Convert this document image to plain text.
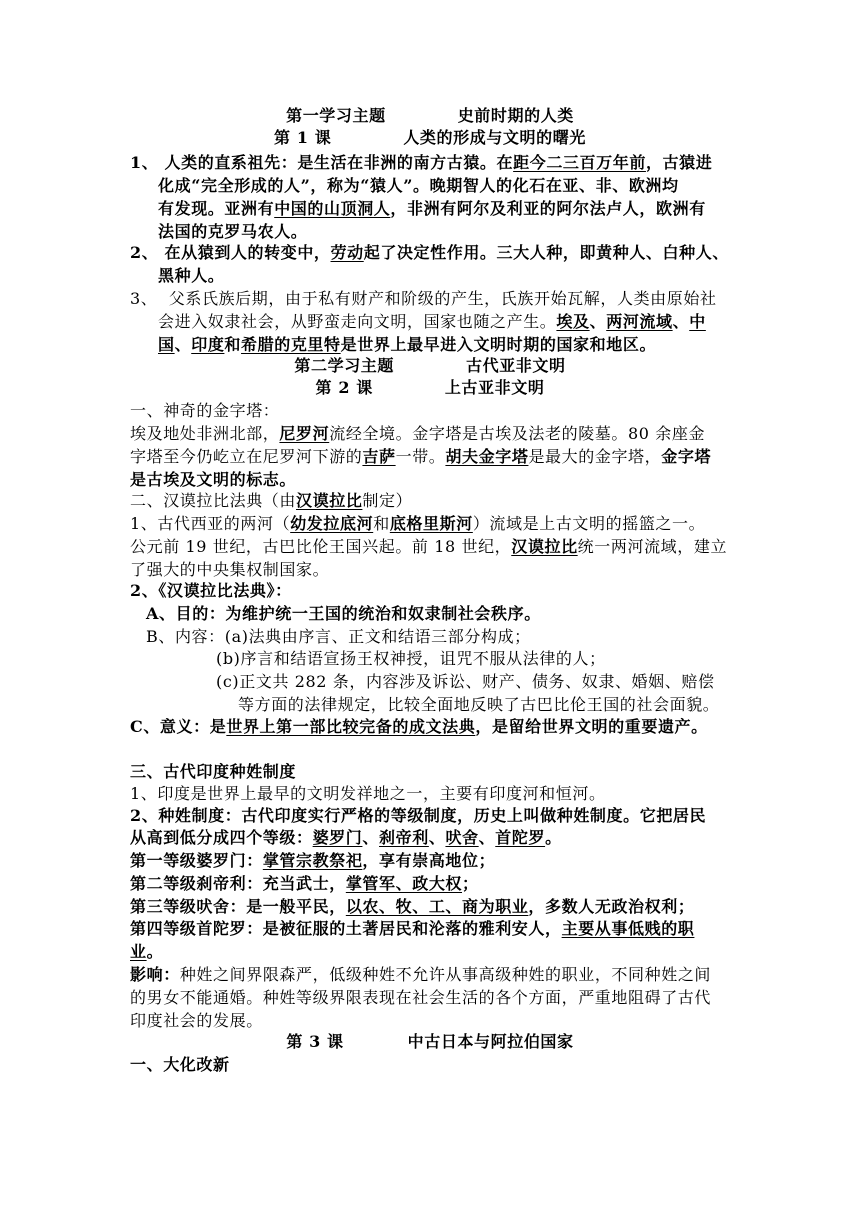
第一学习主题	史前时期的人类
第 1 课	人类的形成与文明的曙光
1、 人类的直系祖先：是生活在非洲的南方古猿。在距今二三百万年前，古猿进
化成“完全形成的人”，称为“猿人”。晚期智人的化石在亚、非、欧洲均
有发现。亚洲有中国的山顶洞人，非洲有阿尔及利亚的阿尔法卢人，欧洲有
法国的克罗马农人。
2、 在从猿到人的转变中，劳动起了决定性作用。三大人种，即黄种人、白种人、
黑种人。
3、 父系氏族后期，由于私有财产和阶级的产生，氏族开始瓦解，人类由原始社
会进入奴隶社会，从野蛮走向文明，国家也随之产生。埃及、两河流域、中
国、印度和希腊的克里特是世界上最早进入文明时期的国家和地区。
第二学习主题	古代亚非文明
第 2 课	上古亚非文明
一、神奇的金字塔：
埃及地处非洲北部，尼罗河流经全境。金字塔是古埃及法老的陵墓。80 余座金
字塔至今仍屹立在尼罗河下游的吉萨一带。胡夫金字塔是最大的金字塔，金字塔
是古埃及文明的标志。
二、汉谟拉比法典（由汉谟拉比制定）
1、古代西亚的两河（幼发拉底河和底格里斯河）流域是上古文明的摇篮之一。
公元前 19 世纪，古巴比伦王国兴起。前 18 世纪，汉谟拉比统一两河流域，建立
了强大的中央集权制国家。
2、《汉谟拉比法典》：
A、目的：为维护统一王国的统治和奴隶制社会秩序。
B、内容：(a)法典由序言、正文和结语三部分构成；
(b)序言和结语宣扬王权神授，诅咒不服从法律的人；
(c)正文共 282 条，内容涉及诉讼、财产、债务、奴隶、婚姻、赔偿
等方面的法律规定，比较全面地反映了古巴比伦王国的社会面貌。
C、意义：是世界上第一部比较完备的成文法典，是留给世界文明的重要遗产。
三、古代印度种姓制度
1、印度是世界上最早的文明发祥地之一，主要有印度河和恒河。
2、种姓制度：古代印度实行严格的等级制度，历史上叫做种姓制度。它把居民
从高到低分成四个等级：婆罗门、刹帝利、吠舍、首陀罗。
第一等级婆罗门：掌管宗教祭祀，享有崇高地位；
第二等级刹帝利：充当武士，掌管军、政大权；
第三等级吠舍：是一般平民，以农、牧、工、商为职业，多数人无政治权利；
第四等级首陀罗：是被征服的土著居民和沦落的雅利安人，主要从事低贱的职
业。
影响：种姓之间界限森严，低级种姓不允许从事高级种姓的职业，不同种姓之间
的男女不能通婚。种姓等级界限表现在社会生活的各个方面，严重地阻碍了古代
印度社会的发展。
第 3 课	中古日本与阿拉伯国家
一、大化改新
